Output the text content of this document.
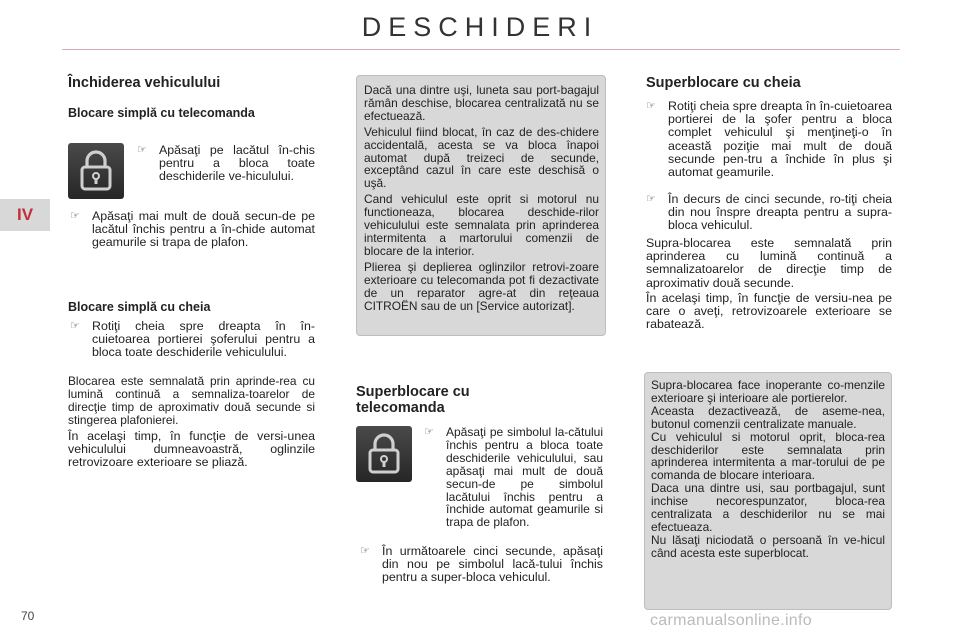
DESCHIDERI
IV
Închiderea vehiculului
Blocare simplă cu telecomanda
☞ Apăsaţi pe lacătul în-chis pentru a bloca toate deschiderile ve-hiculului.
☞ Apăsaţi mai mult de două secun-de pe lacătul închis pentru a în-chide automat geamurile si trapa de plafon.
Blocare simplă cu cheia
☞ Rotiţi cheia spre dreapta în în-cuietoarea portierei şoferului pentru a bloca toate deschiderile vehiculului.
Blocarea este semnalată prin aprinde-rea cu lumină continuă a semnaliza-toarelor de direcţie timp de aproximativ două secunde si stingerea plafonierei.
În acelaşi timp, în funcţie de versi-unea vehiculului dumneavoastră, oglinzile retrovizoare exterioare se pliază.

Dacă una dintre uşi, luneta sau port-bagajul rămân deschise, blocarea centralizată nu se efectuează.

Vehiculul fiind blocat, în caz de des-chidere accidentală, acesta se va bloca înapoi automat după treizeci de secunde, exceptând cazul în care este deschisă o uşă.

Cand vehiculul este oprit si motorul nu functioneaza, blocarea deschide-rilor vehiculului este semnalata prin aprinderea intermitenta a martorului comenzii de blocare de la interior.

Plierea şi deplierea oglinzilor retrovi-zoare exterioare cu telecomanda pot fi dezactivate de un reparator agre-at din reţeaua CITROËN sau de un [Service autorizat].

Superblocare cu
telecomanda
☞ Apăsaţi pe simbolul la-cătului închis pentru a bloca toate deschiderile vehiculului, sau apăsaţi mai mult de două secun-de pe simbolul lacătului închis pentru a închide automat geamurile si trapa de plafon.
☞ În următoarele cinci secunde, apăsaţi din nou pe simbolul lacă-tului închis pentru a super-bloca vehiculul.
Superblocare cu cheia
☞ Rotiţi cheia spre dreapta în în-cuietoarea portierei de la şofer pentru a bloca complet vehiculul şi menţineţi-o în această poziţie mai mult de două secunde pen-tru a închide în plus şi automat geamurile.
☞ În decurs de cinci secunde, ro-tiţi cheia din nou înspre dreapta pentru a supra-bloca vehiculul.
Supra-blocarea este semnalată prin aprinderea cu lumină continuă a semnalizatoarelor de direcţie timp de aproximativ două secunde.
În acelaşi timp, în funcţie de versiu-nea pe care o aveţi, retrovizoarele exterioare se rabatează.

Supra-blocarea face inoperante co-menzile exterioare şi interioare ale portierelor.

Aceasta dezactivează, de aseme-nea, butonul comenzii centralizate manuale.

Cu vehiculul si motorul oprit, bloca-rea deschiderilor este semnalata prin aprinderea intermitenta a mar-torului de pe comanda de blocare interioara.

Daca una dintre usi, sau portbagajul, sunt inchise necorespunzator, bloca-rea centralizata a deschiderilor nu se mai efectueaza.

Nu lăsaţi niciodată o persoană în ve-hicul când acesta este superblocat.

70	carmanualsonline.info
